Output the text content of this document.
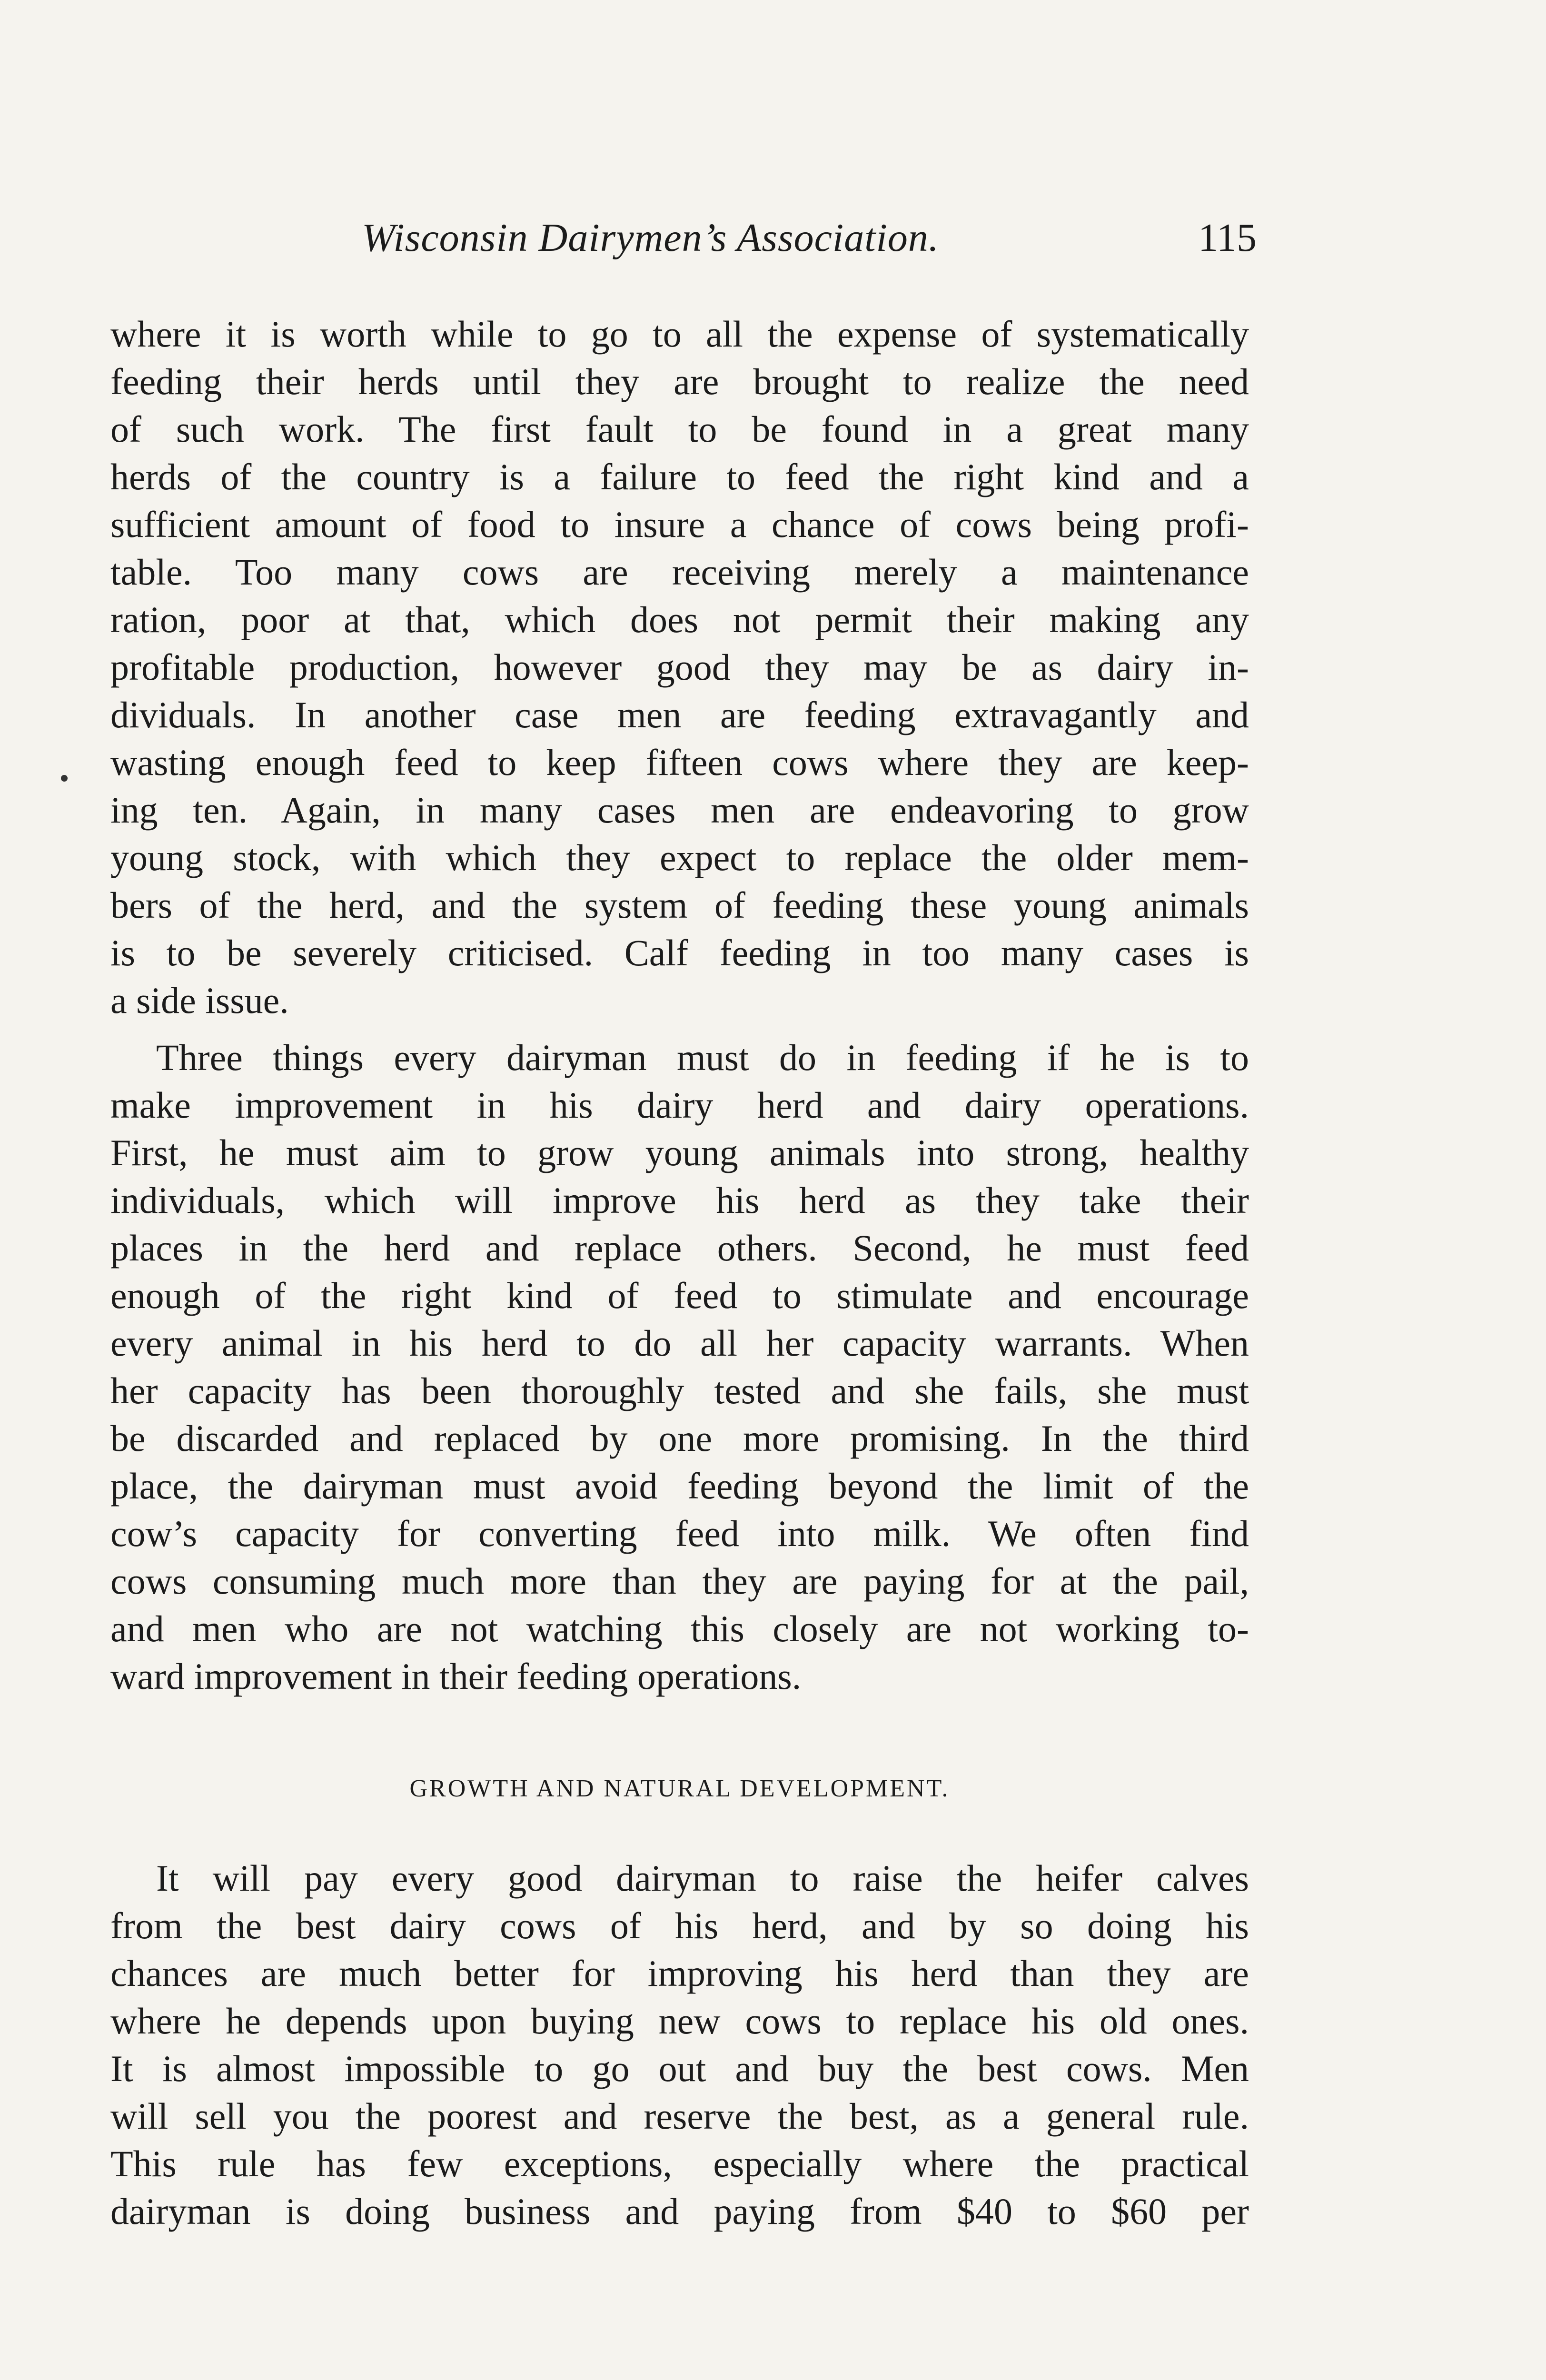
Wisconsin Dairymen’s Association.	115
where it is worth while to go to all the expense of systematically
feeding their herds until they are brought to realize the need
of such work. The first fault to be found in a great many
herds of the country is a failure to feed the right kind and a
sufficient amount of food to insure a chance of cows being profi-
table. Too many cows are receiving merely a maintenance
ration, poor at that, which does not permit their making any
profitable production, however good they may be as dairy in-
dividuals. In another case men are feeding extravagantly and
wasting enough feed to keep fifteen cows where they are keep-
ing ten. Again, in many cases men are endeavoring to grow
young stock, with which they expect to replace the older mem-
bers of the herd, and the system of feeding these young animals
is to be severely criticised. Calf feeding in too many cases is
a side issue.
Three things every dairyman must do in feeding if he is to
make improvement in his dairy herd and dairy operations.
First, he must aim to grow young animals into strong, healthy
individuals, which will improve his herd as they take their
places in the herd and replace others. Second, he must feed
enough of the right kind of feed to stimulate and encourage
every animal in his herd to do all her capacity warrants. When
her capacity has been thoroughly tested and she fails, she must
be discarded and replaced by one more promising. In the third
place, the dairyman must avoid feeding beyond the limit of the
cow’s capacity for converting feed into milk. We often find
cows consuming much more than they are paying for at the pail,
and men who are not watching this closely are not working to-
ward improvement in their feeding operations.
GROWTH AND NATURAL DEVELOPMENT.
It will pay every good dairyman to raise the heifer calves
from the best dairy cows of his herd, and by so doing his
chances are much better for improving his herd than they are
where he depends upon buying new cows to replace his old ones.
It is almost impossible to go out and buy the best cows. Men
will sell you the poorest and reserve the best, as a general rule.
This rule has few exceptions, especially where the practical
dairyman is doing business and paying from $40 to $60 per
